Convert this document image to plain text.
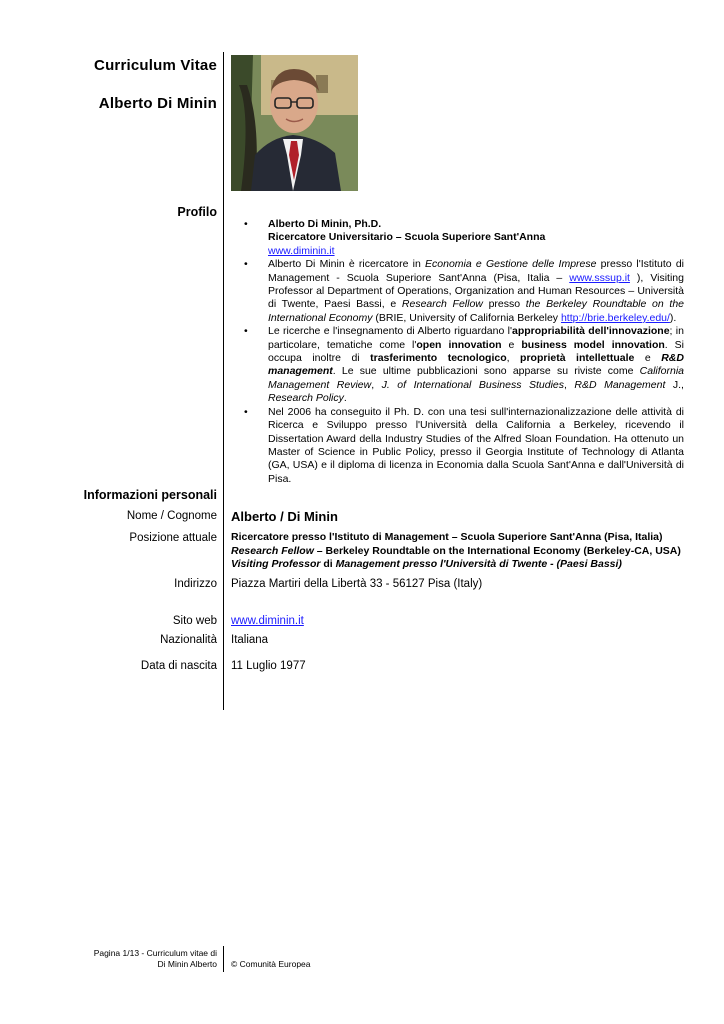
Curriculum Vitae
Alberto Di Minin
Profilo
• Alberto Di Minin, Ph.D.
Ricercatore Universitario – Scuola Superiore Sant'Anna
www.diminin.it
• Alberto Di Minin è ricercatore in Economia e Gestione delle Imprese presso l'Istituto di Management - Scuola Superiore Sant'Anna (Pisa, Italia – www.sssup.it ), Visiting Professor al Department of Operations, Organization and Human Resources – Università di Twente, Paesi Bassi, e Research Fellow presso the Berkeley Roundtable on the International Economy (BRIE, University of California Berkeley http://brie.berkeley.edu/).
• Le ricerche e l'insegnamento di Alberto riguardano l'appropriabilità dell'innovazione; in particolare, tematiche come l'open innovation e business model innovation. Si occupa inoltre di trasferimento tecnologico, proprietà intellettuale e R&D management. Le sue ultime pubblicazioni sono apparse su riviste come California Management Review, J. of International Business Studies, R&D Management J., Research Policy.
• Nel 2006 ha conseguito il Ph. D. con una tesi sull'internazionalizzazione delle attività di Ricerca e Sviluppo presso l'Università della California a Berkeley, ricevendo il Dissertation Award della Industry Studies of the Alfred Sloan Foundation. Ha ottenuto un Master of Science in Public Policy, presso il Georgia Institute of Technology di Atlanta (GA, USA) e il diploma di licenza in Economia dalla Scuola Sant'Anna e dall'Università di Pisa.
Informazioni personali
Nome / Cognome Alberto / Di Minin
Posizione attuale Ricercatore presso l'Istituto di Management – Scuola Superiore Sant'Anna (Pisa, Italia)
Research Fellow – Berkeley Roundtable on the International Economy (Berkeley-CA, USA)
Visiting Professor di Management presso l'Università di Twente - (Paesi Bassi)
Indirizzo Piazza Martiri della Libertà 33 - 56127 Pisa (Italy)
Sito web www.diminin.it
Nazionalità Italiana
Data di nascita 11 Luglio 1977
Pagina 1/13 - Curriculum vitae di
Di Minin Alberto © Comunità Europea
